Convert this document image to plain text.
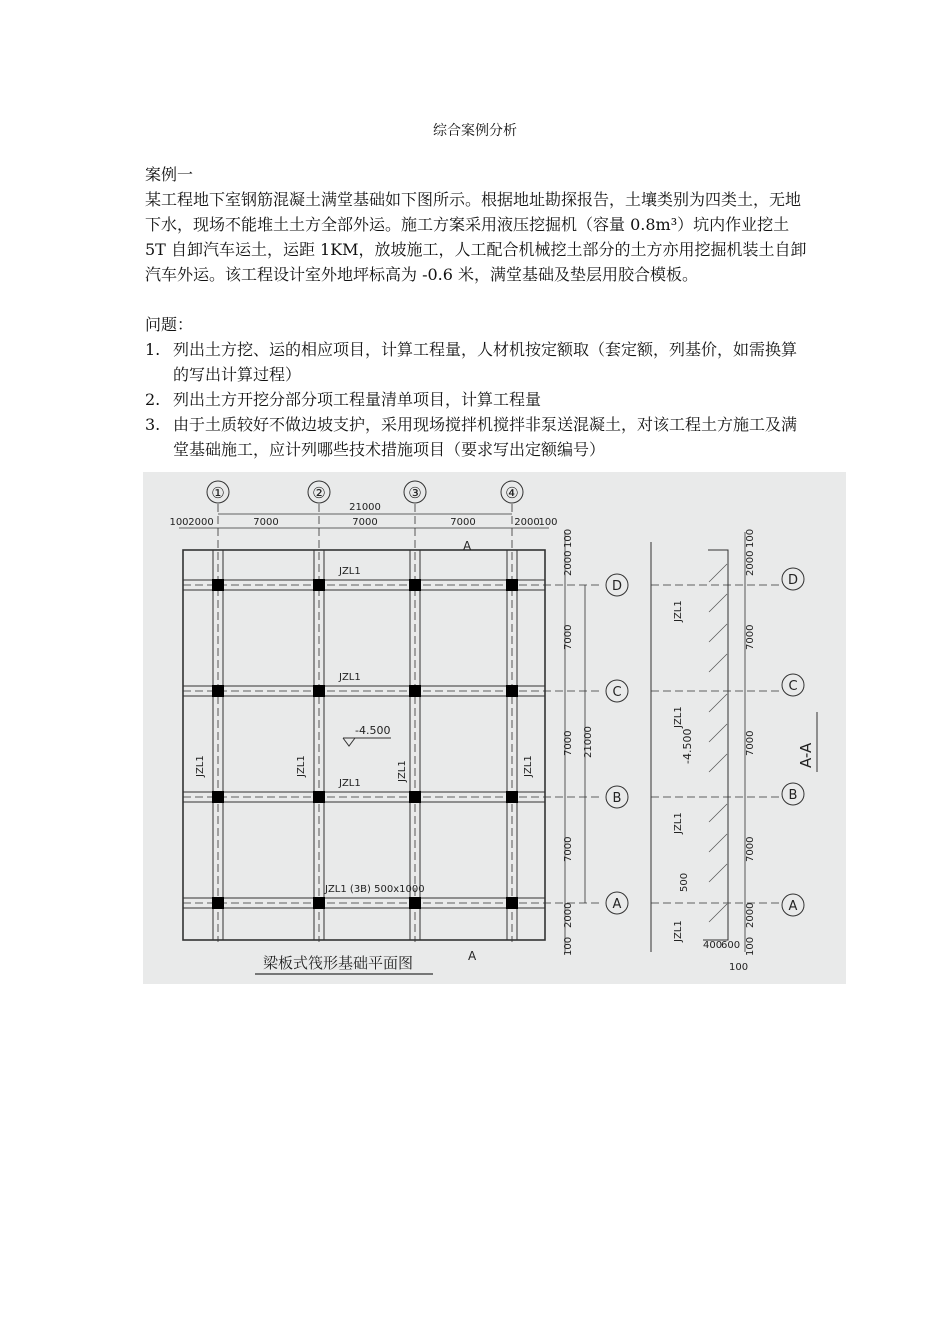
综合案例分析
案例一
某工程地下室钢筋混凝土满堂基础如下图所示。根据地址勘探报告，土壤类别为四类土，无地下水，现场不能堆土土方全部外运。施工方案采用液压挖掘机（容量 0.8m³）坑内作业挖土 5T 自卸汽车运土，运距 1KM，放坡施工，人工配合机械挖土部分的土方亦用挖掘机装土自卸汽车外运。该工程设计室外地坪标高为 -0.6 米，满堂基础及垫层用胶合模板。
问题：
1. 列出土方挖、运的相应项目，计算工程量，人材机按定额取（套定额，列基价，如需换算的写出计算过程）
2. 列出土方开挖分部分项工程量清单项目，计算工程量
3. 由于土质较好不做边坡支护，采用现场搅拌机搅拌非泵送混凝土，对该工程土方施工及满堂基础施工，应计列哪些技术措施项目（要求写出定额编号）
①	②	③	④
21000
100 2000	7000	7000	7000	2000
100
A
A
JZL1
JZL1
JZL1
JZL1 (3B) 500x1000
JZL1	JZL1	JZL1	JZL1
-4.500
100
2000
7000
7000
7000
2000
100
21000
D
C
B
A
JZL1
JZL1
JZL1
JZL1
-4.500
500
400
600
100
100
2000
7000
7000
7000
2000
100
D
C
B
A
A-A
梁板式筏形基础平面图
